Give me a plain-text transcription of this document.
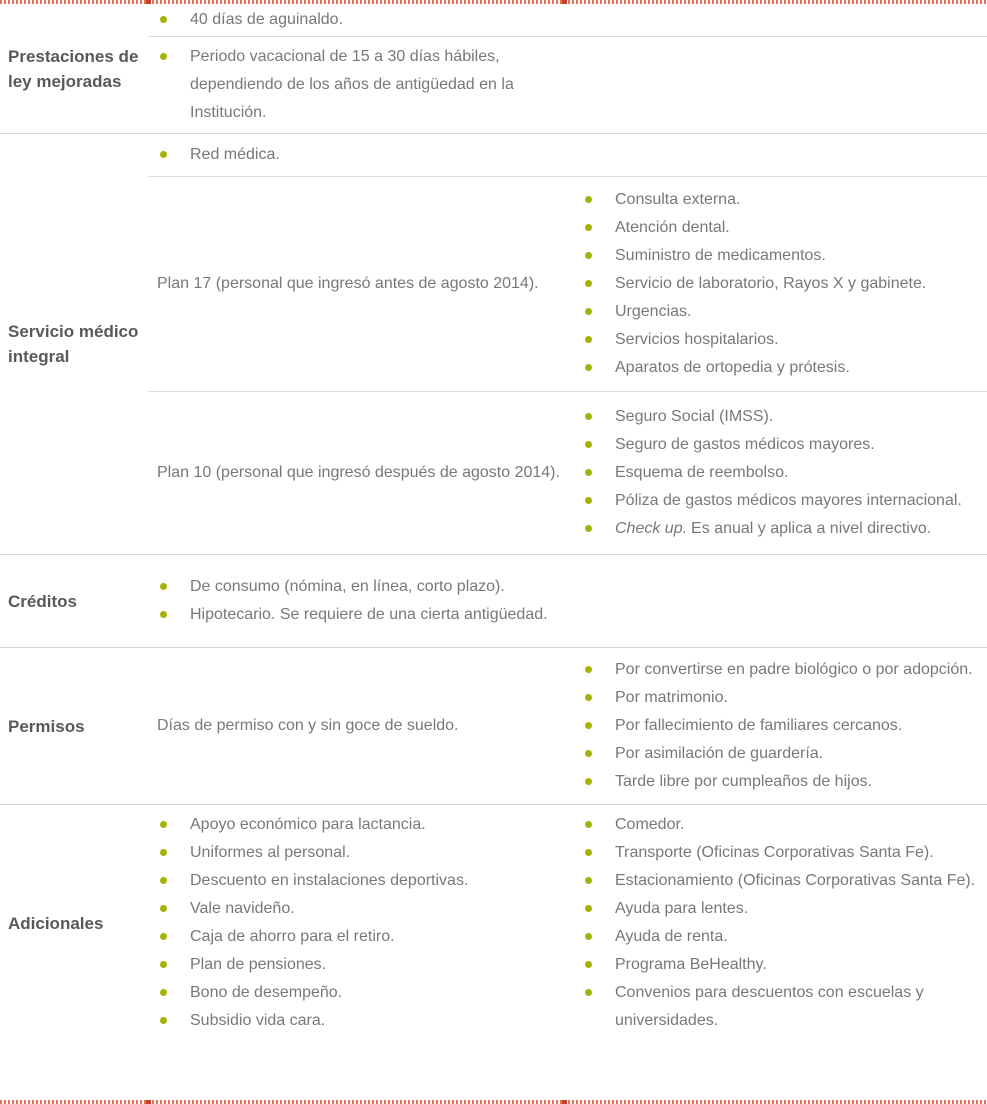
Prestaciones de ley mejoradas
40 días de aguinaldo.
Periodo vacacional de 15 a 30 días hábiles, dependiendo de los años de antigüedad en la Institución.
Servicio médico integral
Red médica.
Plan 17 (personal que ingresó antes de agosto 2014).
Consulta externa.
Atención dental.
Suministro de medicamentos.
Servicio de laboratorio, Rayos X y gabinete.
Urgencias.
Servicios hospitalarios.
Aparatos de ortopedia y prótesis.
Plan 10 (personal que ingresó después de agosto 2014).
Seguro Social (IMSS).
Seguro de gastos médicos mayores.
Esquema de reembolso.
Póliza de gastos médicos mayores internacional.
Check up. Es anual y aplica a nivel directivo.
Créditos
De consumo (nómina, en línea, corto plazo).
Hipotecario. Se requiere de una cierta antigüedad.
Permisos	Días de permiso con y sin goce de sueldo.
Por convertirse en padre biológico o por adopción.
Por matrimonio.
Por fallecimiento de familiares cercanos.
Por asimilación de guardería.
Tarde libre por cumpleaños de hijos.
Adicionales
Apoyo económico para lactancia.
Uniformes al personal.
Descuento en instalaciones deportivas.
Vale navideño.
Caja de ahorro para el retiro.
Plan de pensiones.
Bono de desempeño.
Subsidio vida cara.
Comedor.
Transporte (Oficinas Corporativas Santa Fe).
Estacionamiento (Oficinas Corporativas Santa Fe).
Ayuda para lentes.
Ayuda de renta.
Programa BeHealthy.
Convenios para descuentos con escuelas y universidades.
